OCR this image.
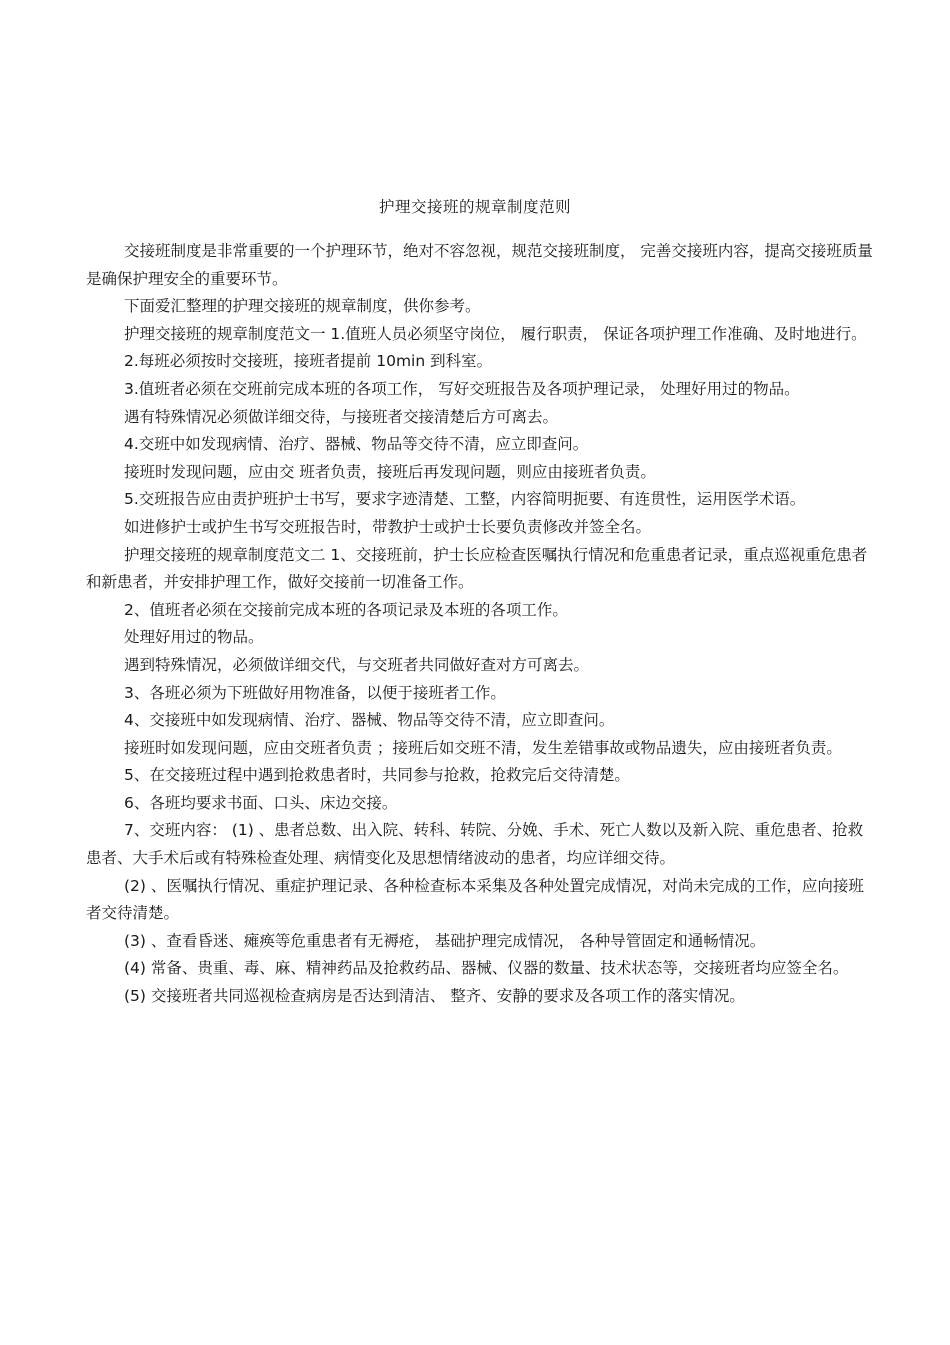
护理交接班的规章制度范则

交接班制度是非常重要的一个护理环节，绝对不容忽视，规范交接班制度， 完善交接班内容，提高交接班质量是确保护理安全的重要环节。

下面爱汇整理的护理交接班的规章制度，供你参考。

护理交接班的规章制度范文一 1.值班人员必须坚守岗位， 履行职责， 保证各项护理工作准确、及时地进行。

2.每班必须按时交接班，接班者提前 10min 到科室。

3.值班者必须在交班前完成本班的各项工作， 写好交班报告及各项护理记录， 处理好用过的物品。

遇有特殊情况必须做详细交待，与接班者交接清楚后方可离去。

4.交班中如发现病情、治疗、器械、物品等交待不清，应立即查问。

接班时发现问题，应由交 班者负责，接班后再发现问题，则应由接班者负责。

5.交班报告应由责护班护士书写，要求字迹清楚、工整，内容简明扼要、有连贯性，运用医学术语。

如进修护士或护生书写交班报告时，带教护士或护士长要负责修改并签全名。

护理交接班的规章制度范文二 1、交接班前，护士长应检查医嘱执行情况和危重患者记录，重点巡视重危患者和新患者，并安排护理工作，做好交接前一切准备工作。

2、值班者必须在交接前完成本班的各项记录及本班的各项工作。

处理好用过的物品。

遇到特殊情况，必须做详细交代，与交班者共同做好查对方可离去。

3、各班必须为下班做好用物准备，以便于接班者工作。

4、交接班中如发现病情、治疗、器械、物品等交待不清，应立即查问。

接班时如发现问题，应由交班者负责 ；接班后如交班不清，发生差错事故或物品遗失，应由接班者负责。

5、在交接班过程中遇到抢救患者时，共同参与抢救，抢救完后交待清楚。

6、各班均要求书面、口头、床边交接。

7、交班内容： (1) 、患者总数、出入院、转科、转院、分娩、手术、死亡人数以及新入院、重危患者、抢救患者、大手术后或有特殊检查处理、病情变化及思想情绪波动的患者，均应详细交待。

(2) 、医嘱执行情况、重症护理记录、各种检查标本采集及各种处置完成情况，对尚未完成的工作，应向接班者交待清楚。

(3) 、查看昏迷、瘫痪等危重患者有无褥疮， 基础护理完成情况， 各种导管固定和通畅情况。

(4) 常备、贵重、毒、麻、精神药品及抢救药品、器械、仪器的数量、技术状态等，交接班者均应签全名。

(5) 交接班者共同巡视检查病房是否达到清洁、 整齐、安静的要求及各项工作的落实情况。
